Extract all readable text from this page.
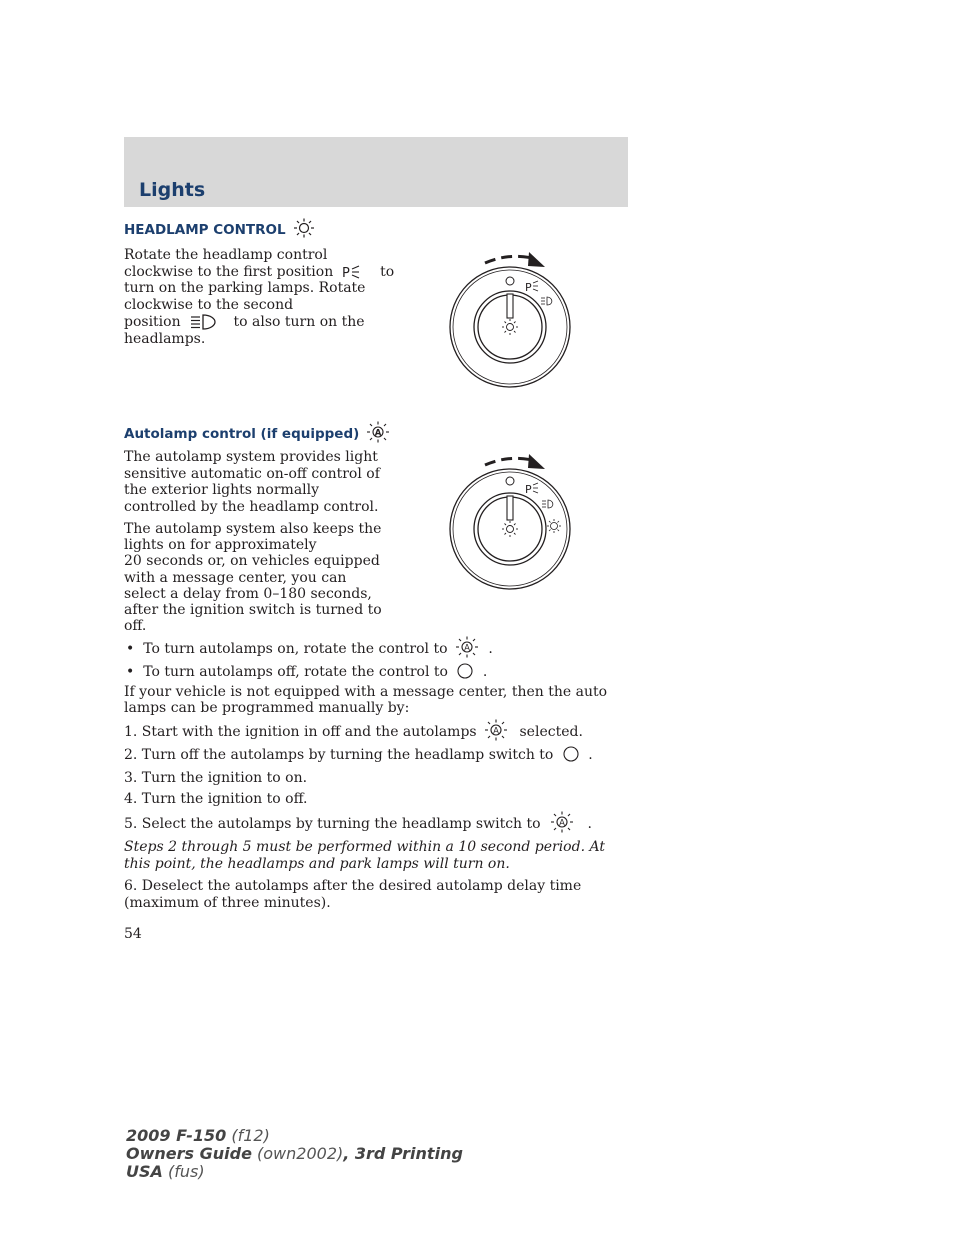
Lights
HEADLAMP CONTROL
Rotate the headlamp control
clockwise to the first position P to
turn on the parking lamps. Rotate
clockwise to the second
position	to also turn on the
headlamps.
P
Autolamp control (if equipped) A
The autolamp system provides light
sensitive automatic on-off control of
the exterior lights normally
controlled by the headlamp control.
The autolamp system also keeps the
lights on for approximately
20 seconds or, on vehicles equipped
with a message center, you can
select a delay from 0–180 seconds,
after the ignition switch is turned to
off.
P
• To turn autolamps on, rotate the control to A .
• To turn autolamps off, rotate the control to .
If your vehicle is not equipped with a message center, then the auto
lamps can be programmed manually by:
1. Start with the ignition in off and the autolamps A selected.
2. Turn off the autolamps by turning the headlamp switch to .
3. Turn the ignition to on.
4. Turn the ignition to off.
5. Select the autolamps by turning the headlamp switch to A .
Steps 2 through 5 must be performed within a 10 second period. At
this point, the headlamps and park lamps will turn on.
6. Deselect the autolamps after the desired autolamp delay time
(maximum of three minutes).
54
2009 F-150 (f12)
Owners Guide (own2002), 3rd Printing
USA (fus)
